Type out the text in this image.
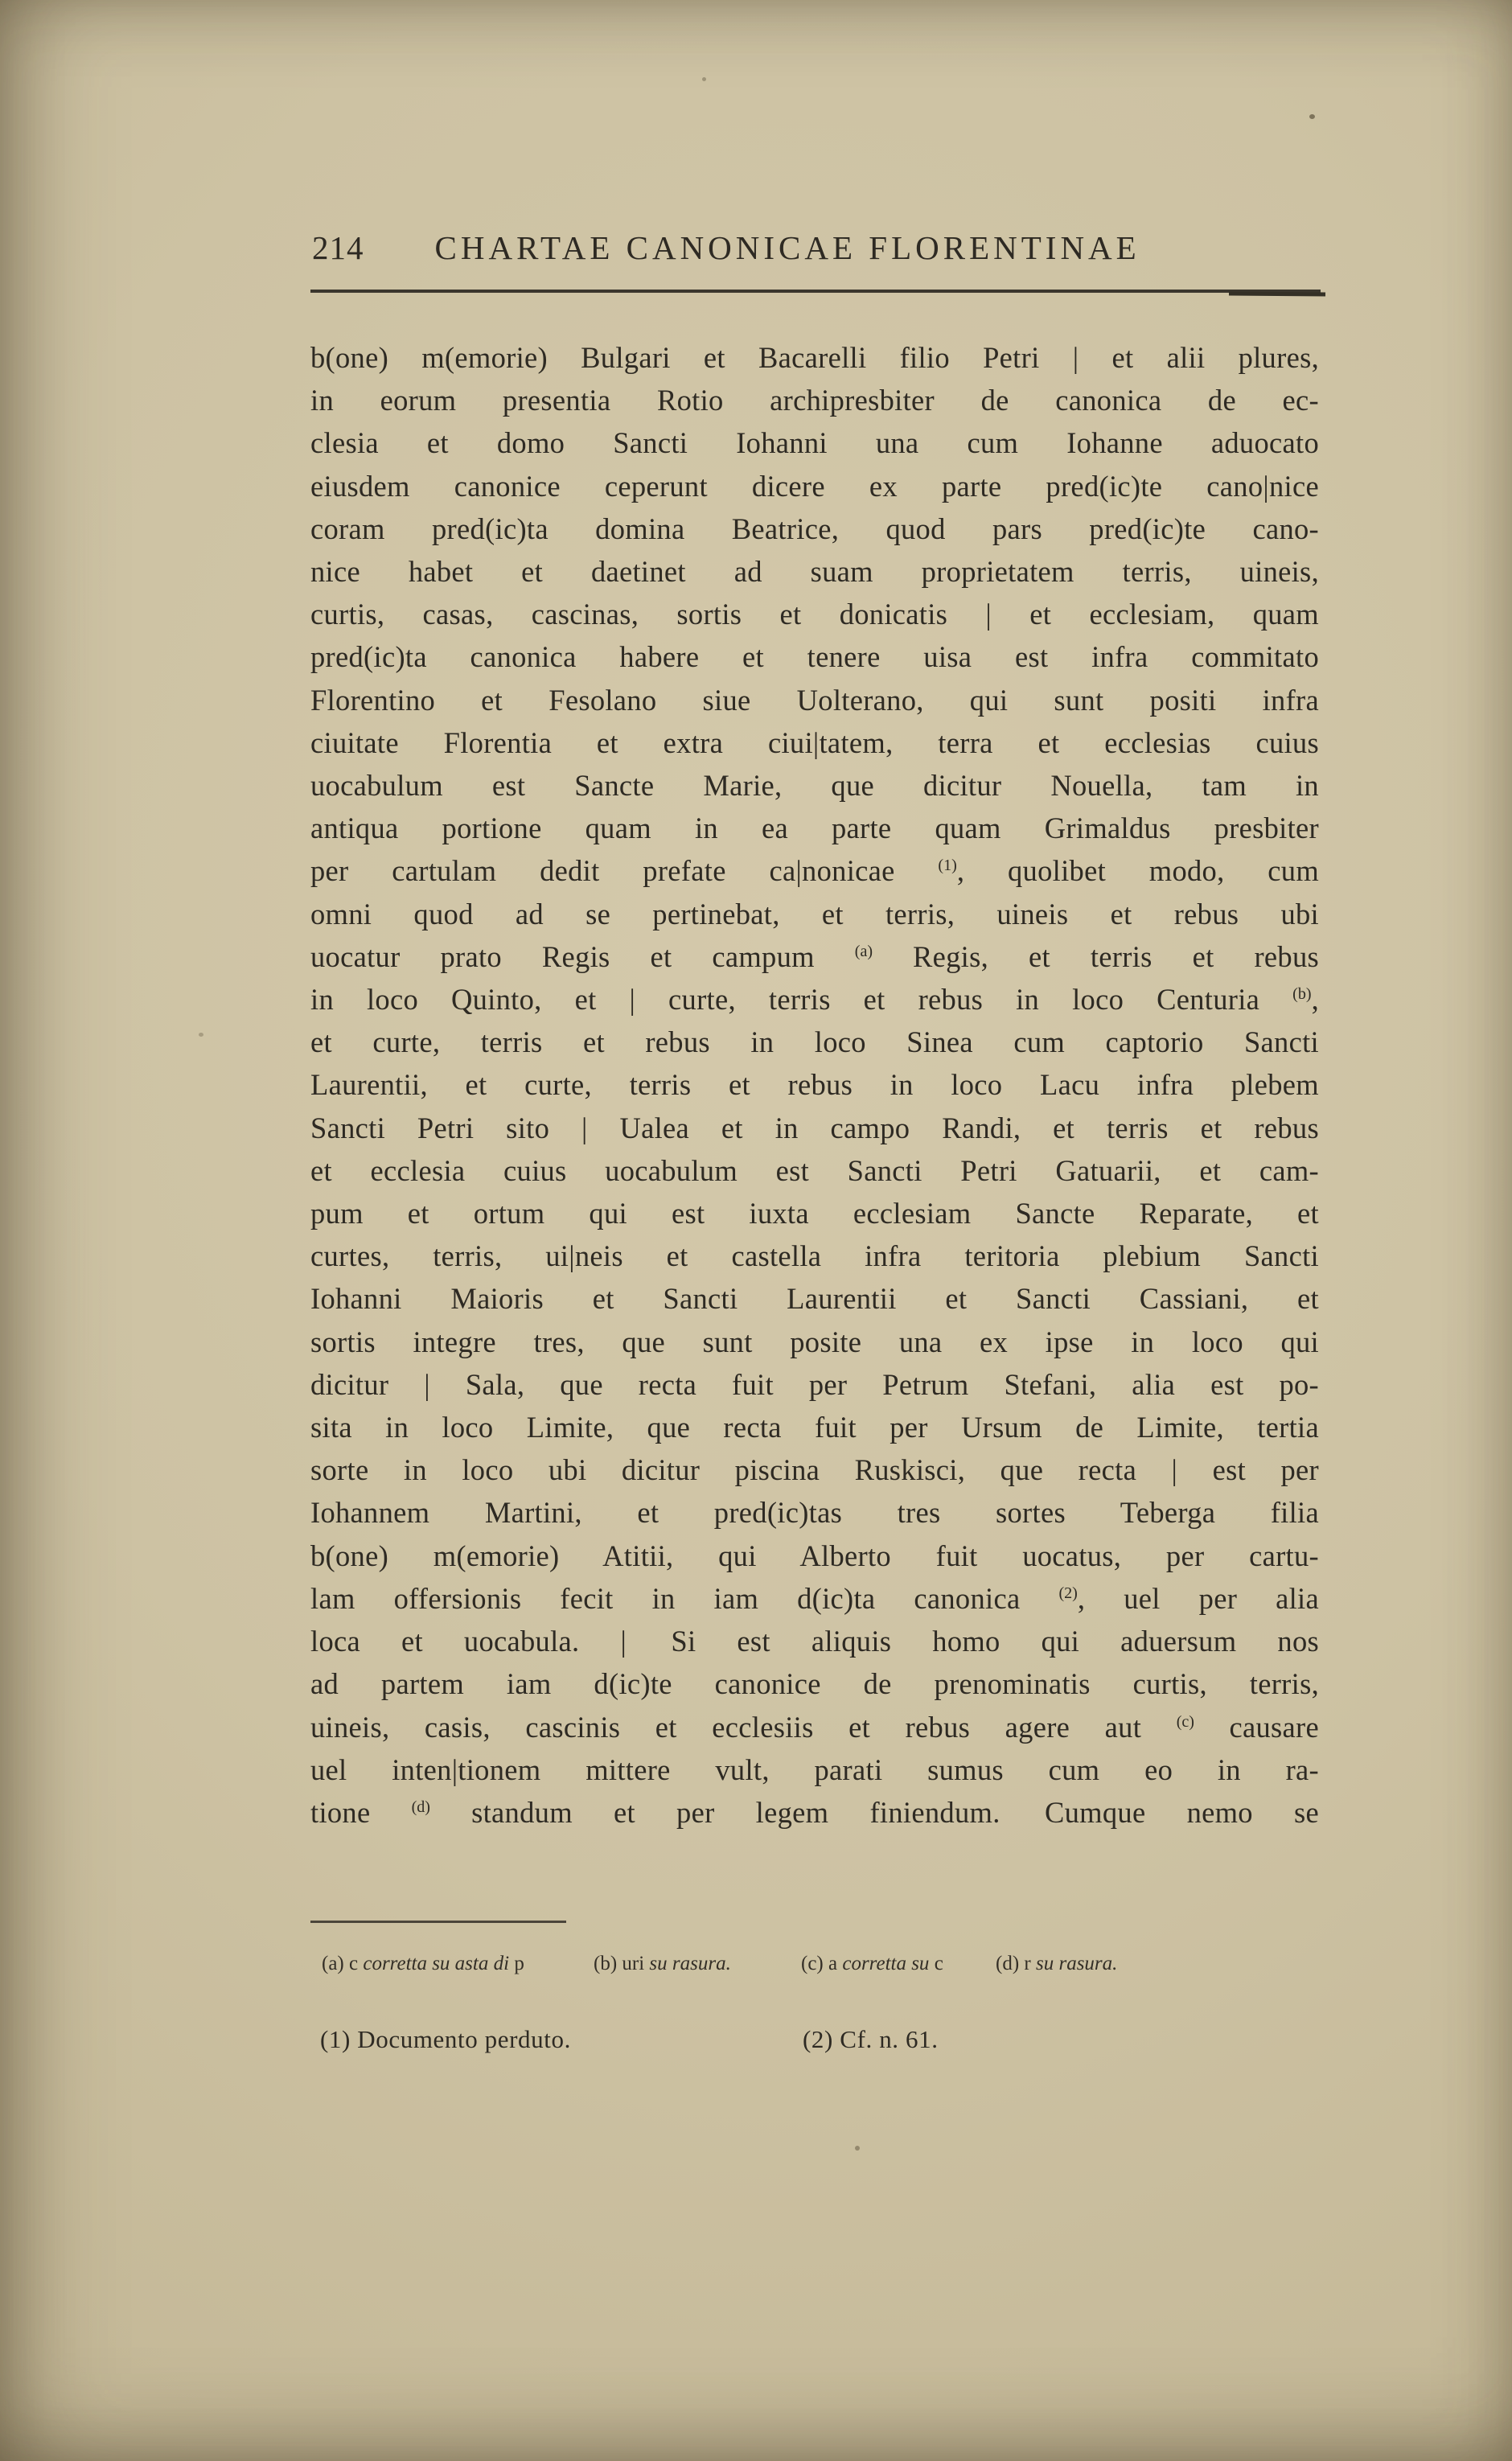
214 CHARTAE CANONICAE FLORENTINAE
b(one) m(emorie) Bulgari et Bacarelli filio Petri | et alii plures,
in eorum presentia Rotio archipresbiter de canonica de ec-
clesia et domo Sancti Iohanni una cum Iohanne aduocato
eiusdem canonice ceperunt dicere ex parte pred(ic)te cano|nice
coram pred(ic)ta domina Beatrice, quod pars pred(ic)te cano-
nice habet et daetinet ad suam proprietatem terris, uineis,
curtis, casas, cascinas, sortis et donicatis | et ecclesiam, quam
pred(ic)ta canonica habere et tenere uisa est infra commitato
Florentino et Fesolano siue Uolterano, qui sunt positi infra
ciuitate Florentia et extra ciui|tatem, terra et ecclesias cuius
uocabulum est Sancte Marie, que dicitur Nouella, tam in
antiqua portione quam in ea parte quam Grimaldus presbiter
per cartulam dedit prefate ca|nonicae $^{(1)}$, quolibet modo, cum
omni quod ad se pertinebat, et terris, uineis et rebus ubi
uocatur prato Regis et campum $^{(a)}$ Regis, et terris et rebus
in loco Quinto, et | curte, terris et rebus in loco Centuria $^{(b)}$,
et curte, terris et rebus in loco Sinea cum captorio Sancti
Laurentii, et curte, terris et rebus in loco Lacu infra plebem
Sancti Petri sito | Ualea et in campo Randi, et terris et rebus
et ecclesia cuius uocabulum est Sancti Petri Gatuarii, et cam-
pum et ortum qui est iuxta ecclesiam Sancte Reparate, et
curtes, terris, ui|neis et castella infra teritoria plebium Sancti
Iohanni Maioris et Sancti Laurentii et Sancti Cassiani, et
sortis integre tres, que sunt posite una ex ipse in loco qui
dicitur | Sala, que recta fuit per Petrum Stefani, alia est po-
sita in loco Limite, que recta fuit per Ursum de Limite, tertia
sorte in loco ubi dicitur piscina Ruskisci, que recta | est per
Iohannem Martini, et pred(ic)tas tres sortes Teberga filia
b(one) m(emorie) Atitii, qui Alberto fuit uocatus, per cartu-
lam offersionis fecit in iam d(ic)ta canonica $^{(2)}$, uel per alia
loca et uocabula. |  Si est aliquis homo qui aduersum nos
ad partem iam d(ic)te canonice de prenominatis curtis, terris,
uineis, casis, cascinis et ecclesiis et rebus agere aut $^{(c)}$ causare
uel inten|tionem mittere vult, parati sumus cum eo in ra-
tione $^{(d)}$ standum et per legem finiendum.  Cumque nemo se
(a) c corretta su asta di p	(b) uri su rasura.	(c) a corretta su c	(d) r su rasura.
(1) Documento perduto.	(2) Cf. n. 61.
